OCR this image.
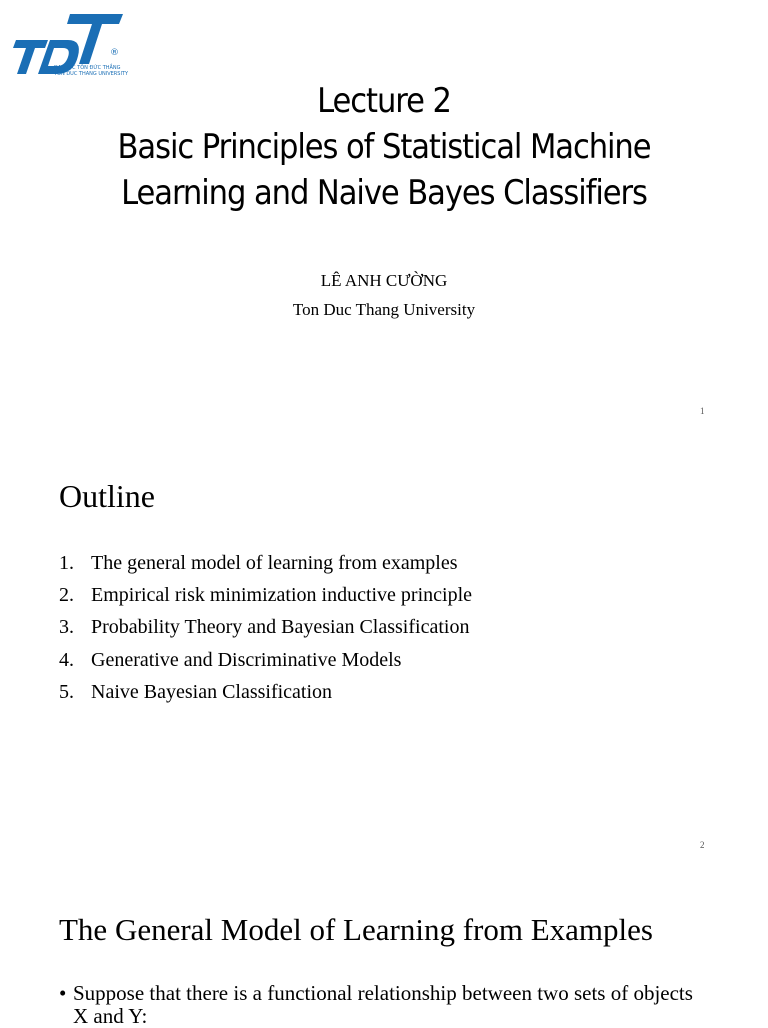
®
ĐẠI HỌC TÔN ĐỨC THẮNG
TON DUC THANG UNIVERSITY
Lecture 2
Basic Principles of Statistical Machine
Learning and Naive Bayes Classifiers
LÊ ANH CƯỜNG
Ton Duc Thang University
1
Outline
1. The general model of learning from examples
2. Empirical risk minimization inductive principle
3. Probability Theory and Bayesian Classification
4. Generative and Discriminative Models
5. Naive Bayesian Classification
2
The General Model of Learning from Examples
• Suppose that there is a functional relationship between two sets of objects X and Y:
